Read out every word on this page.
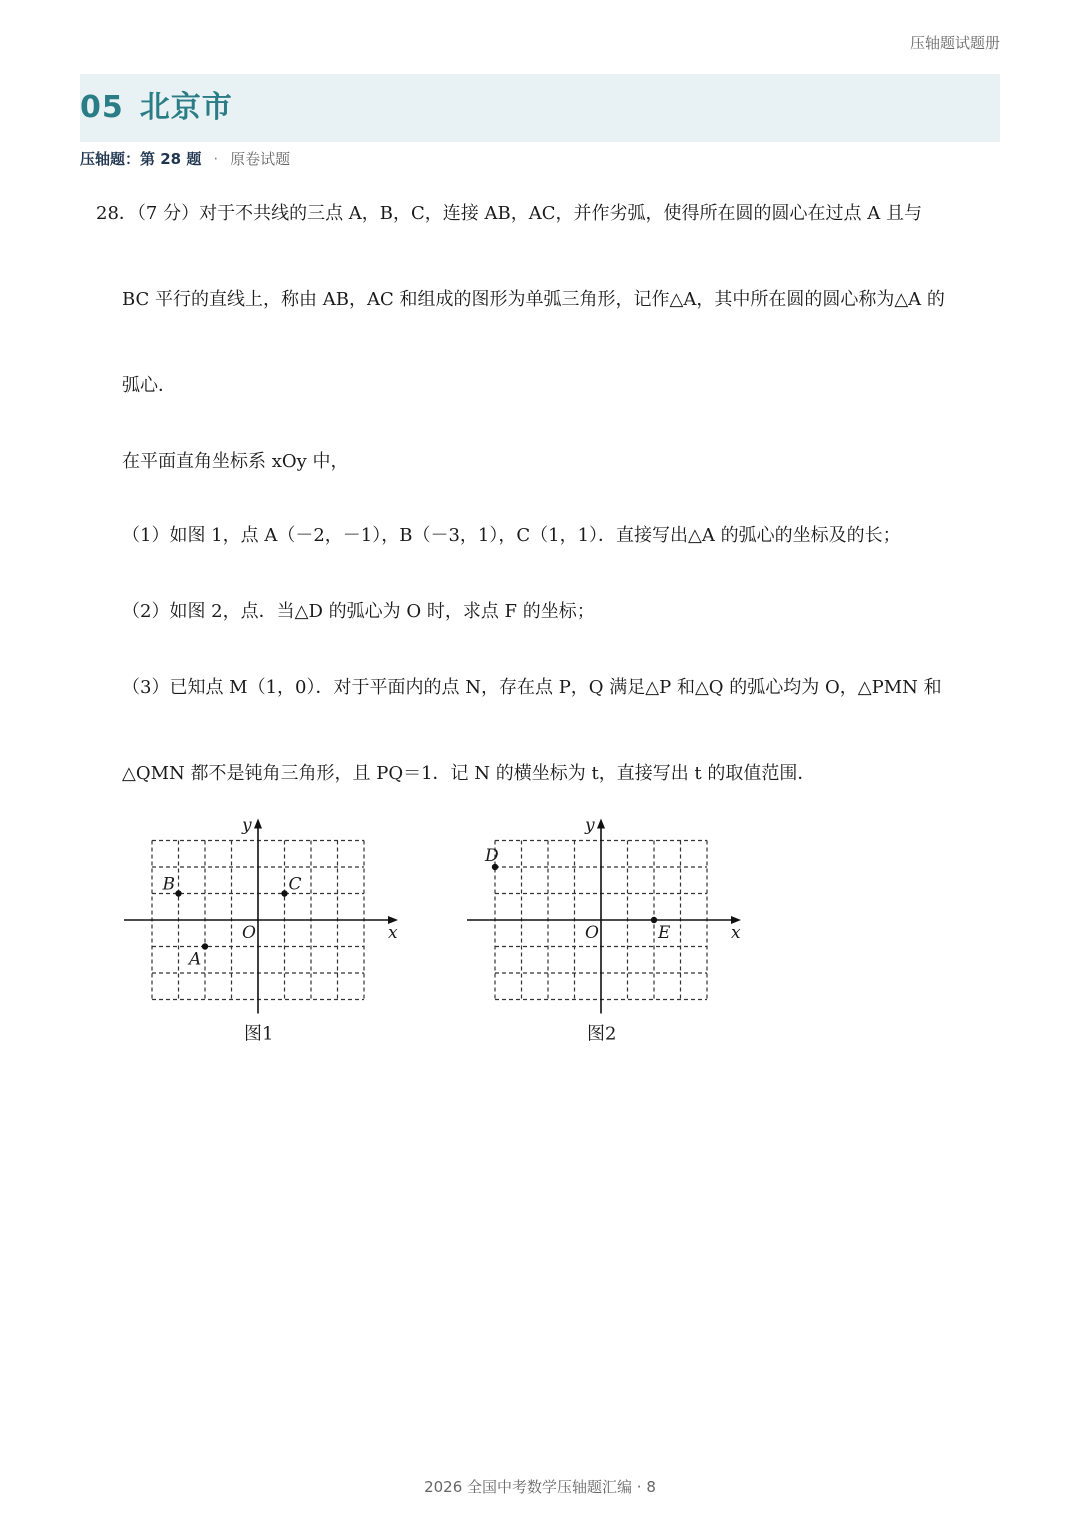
压轴题试题册
05 北京市
压轴题：第 28 题 · 原卷试题
28．（7 分）对于不共线的三点 A，B，C，连接 AB，AC，并作劣弧，使得所在圆的圆心在过点 A 且与
BC 平行的直线上，称由 AB，AC 和组成的图形为单弧三角形，记作△A，其中所在圆的圆心称为△A 的
弧心．
在平面直角坐标系 xOy 中，
（1）如图 1，点 A（－2，－1），B（－3，1），C（1，1）．直接写出△A 的弧心的坐标及的长；
（2）如图 2，点．当△D 的弧心为 O 时，求点 F 的坐标；
（3）已知点 M（1，0）．对于平面内的点 N，存在点 P，Q 满足△P 和△Q 的弧心均为 O，△PMN 和
△QMN 都不是钝角三角形，且 PQ＝1．记 N 的横坐标为 t，直接写出 t 的取值范围．
A
B	C
y
x
O
图1
D
E
y
x
O
图2
2026 全国中考数学压轴题汇编 · 8
